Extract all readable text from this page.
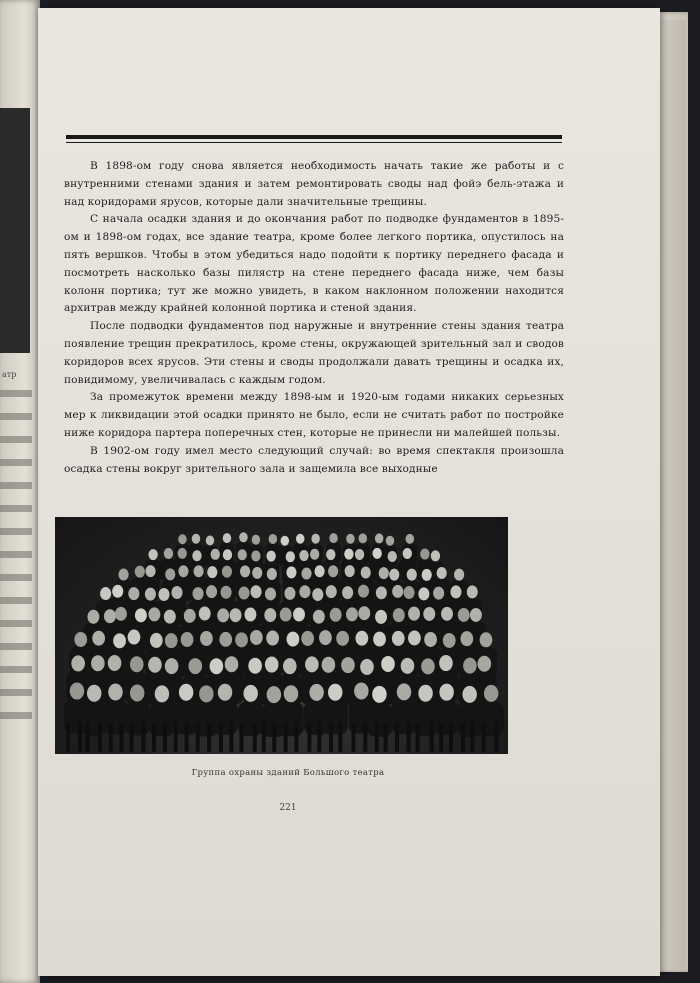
атр

В 1898-ом году снова является необходимость начать такие же работы и с внутренними стенами здания и затем ремонтировать своды над фойэ бель-этажа и над коридорами ярусов, которые дали значительные трещины.

С начала осадки здания и до окончания работ по подводке фундаментов в 1895-ом и 1898-ом годах, все здание театра, кроме более легкого портика, опустилось на пять вершков. Чтобы в этом убедиться надо подойти к портику переднего фасада и посмотреть насколько базы пилястр на стене переднего фасада ниже, чем базы колонн портика; тут же можно увидеть, в каком наклонном положении находится архитрав между крайней колонной портика и стеной здания.

После подводки фундаментов под наружные и внутренние стены здания театра появление трещин прекратилось, кроме стены, окружающей зрительный зал и сводов коридоров всех ярусов. Эти стены и своды продолжали давать трещины и осадка их, повидимому, увеличивалась с каждым годом.

За промежуток времени между 1898-ым и 1920-ым годами никаких серьезных мер к ликвидации этой осадки принято не было, если не считать работ по постройке ниже коридора партера поперечных стен, которые не принесли ни малейшей пользы.

В 1902-ом году имел место следующий случай: во время спектакля произошла осадка стены вокруг зрительного зала и защемила все выходные

Группа охраны зданий Большого театра
221
